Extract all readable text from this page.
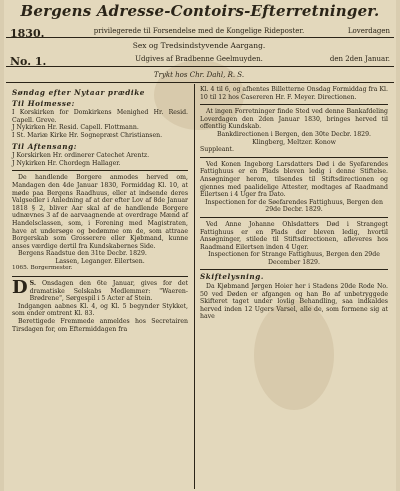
Bergens Adresse-Contoirs-Efterretninger.
1830.	privilegerede til Forsendelse med de Kongelige Rideposter.	Loverdagen
Sex og Tredsindstyvende Aargang.
No. 1.	Udgives af Bradbenne Geelmuyden.	den 2den Januar.
Trykt hos Chr. Dahl, R. S.

Søndag efter Nytaar prædike

Til Hoimesse:

I Korskirken for Domkirkens Menighed Hr. Resid. Capell. Greve.

J Nykirken Hr. Resid. Capell. Flottmann.

I St. Mariæ Kirke Hr. Sognepræst Christiansen.

Til Aftensang:

J Korskirken Hr. ordinerer Catechet Arentz.

J Nykirken Hr. Chordegn Hallager.

De handlende Borgere anmodes herved om, Mandagen den 4de Januar 1830, Formiddag Kl. 10, at møde paa Bergens Raadhuus, eller at indsende deres Valgsedler i Anledning af at der efter Lov af 8de Januar 1818 § 2, bliver Aar skal af de handlende Borgere udnævnes 3 af de aarvaagnende at overdrage Mænd af Handelsclassen, som, i Forening med Magistraten, have at undersøge og bedømme om de, som attraae Borgerskab som Grosserere eller Kjøbmand, kunne anses værdige dertil fra Kundskabernes Side.

Bergens Raadstue den 31te Decbr. 1829.

Lassen, Leganger. Eilertsen.

1065. Borgermester.

D S. Onsdagen den 6te Januar, gives for det dramatiske Selskabs Medlemmer: "Waeren-Brødrene", Sørgespil i 5 Acter af Stein.

Indgangen aabnes Kl. 4, og Kl. 5 begynder Stykket, som ender omtrent Kl. 83.

Berettigede Fremmede anmeldes hos Secretairen Tirsdagen for, om Eftermiddagen fra

Kl. 4 til 6, og afhentes Billetterne Onsdag Formiddag fra Kl. 10 til 12 hos Casereren Hr. F. Meyer. Directionen.

At ingen Forretninger finde Sted ved denne Bankafdeling Loverdagen den 2den Januar 1830, bringes herved til offentlig Kundskab.

Bankdirectionen i Bergen, den 30te Decbr. 1829.

Klingberg, Meltzer. Konow

Suppleant.

Ved Konen Ingeborg Larsdatters Død i de Syefarendes Fattighuus er en Plads bleven ledig i denne Stiftelse. Ansøgninger herom, tilsendes til Stiftsdirectionen og gjennes med paalidelige Attester, modtages af Raadmand Eilertsen i 4 Uger fra Dato.

Inspectionen for de Søefarendes Fattighuus, Bergen den 29de Decbr. 1829.

Ved Anne Johanne Ohlsdatters Død i Strangegt Fattighuus er en Plads der bleven ledig, hvortil Ansøgninger, stilede til Stiftsdirectionen, afleveres hos Raadmand Eilertsen inden 4 Uger.

Inspectionen for Strange Fattighuus, Bergen den 29de December 1829.

Skiftelysning.

Da Kjøbmand Jørgen Hoier her i Stadens 20de Rode No. 50 ved Døden er afgangen og han Bo af unbetryggede Skifteret taget under lovlig Behandling, saa indkaldes herved inden 12 Ugers Varsel, alle de, som formene sig at have
